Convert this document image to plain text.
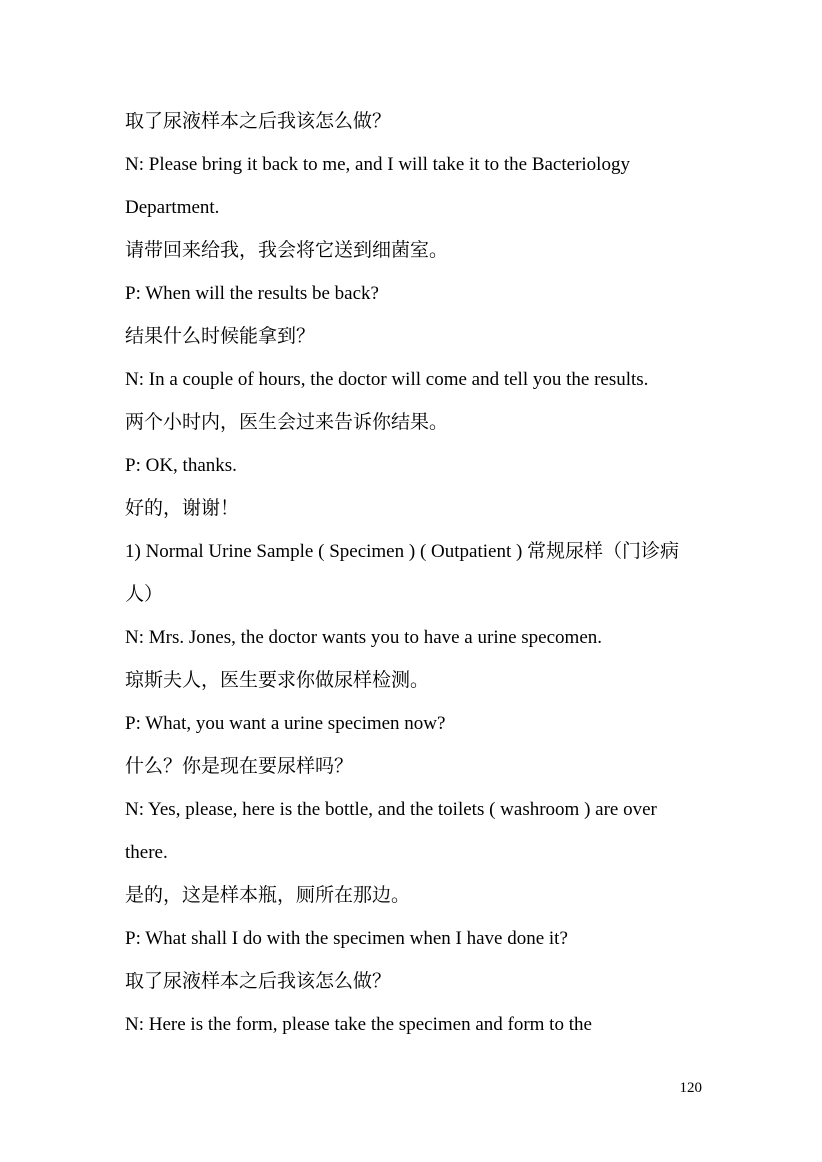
取了尿液样本之后我该怎么做？
N: Please bring it back to me, and I will take it to the Bacteriology
Department.
请带回来给我，我会将它送到细菌室。
P: When will the results be back?
结果什么时候能拿到？
N: In a couple of hours, the doctor will come and tell you the results.
两个小时内，医生会过来告诉你结果。
P: OK, thanks.
好的，谢谢！
1) Normal Urine Sample ( Specimen ) ( Outpatient ) 常规尿样（门诊病
人）
N: Mrs. Jones, the doctor wants you to have a urine specomen.
琼斯夫人，医生要求你做尿样检测。
P: What, you want a urine specimen now?
什么？你是现在要尿样吗？
N: Yes, please, here is the bottle, and the toilets ( washroom ) are over
there.
是的，这是样本瓶，厕所在那边。
P: What shall I do with the specimen when I have done it?
取了尿液样本之后我该怎么做？
N: Here is the form, please take the specimen and form to the
120
